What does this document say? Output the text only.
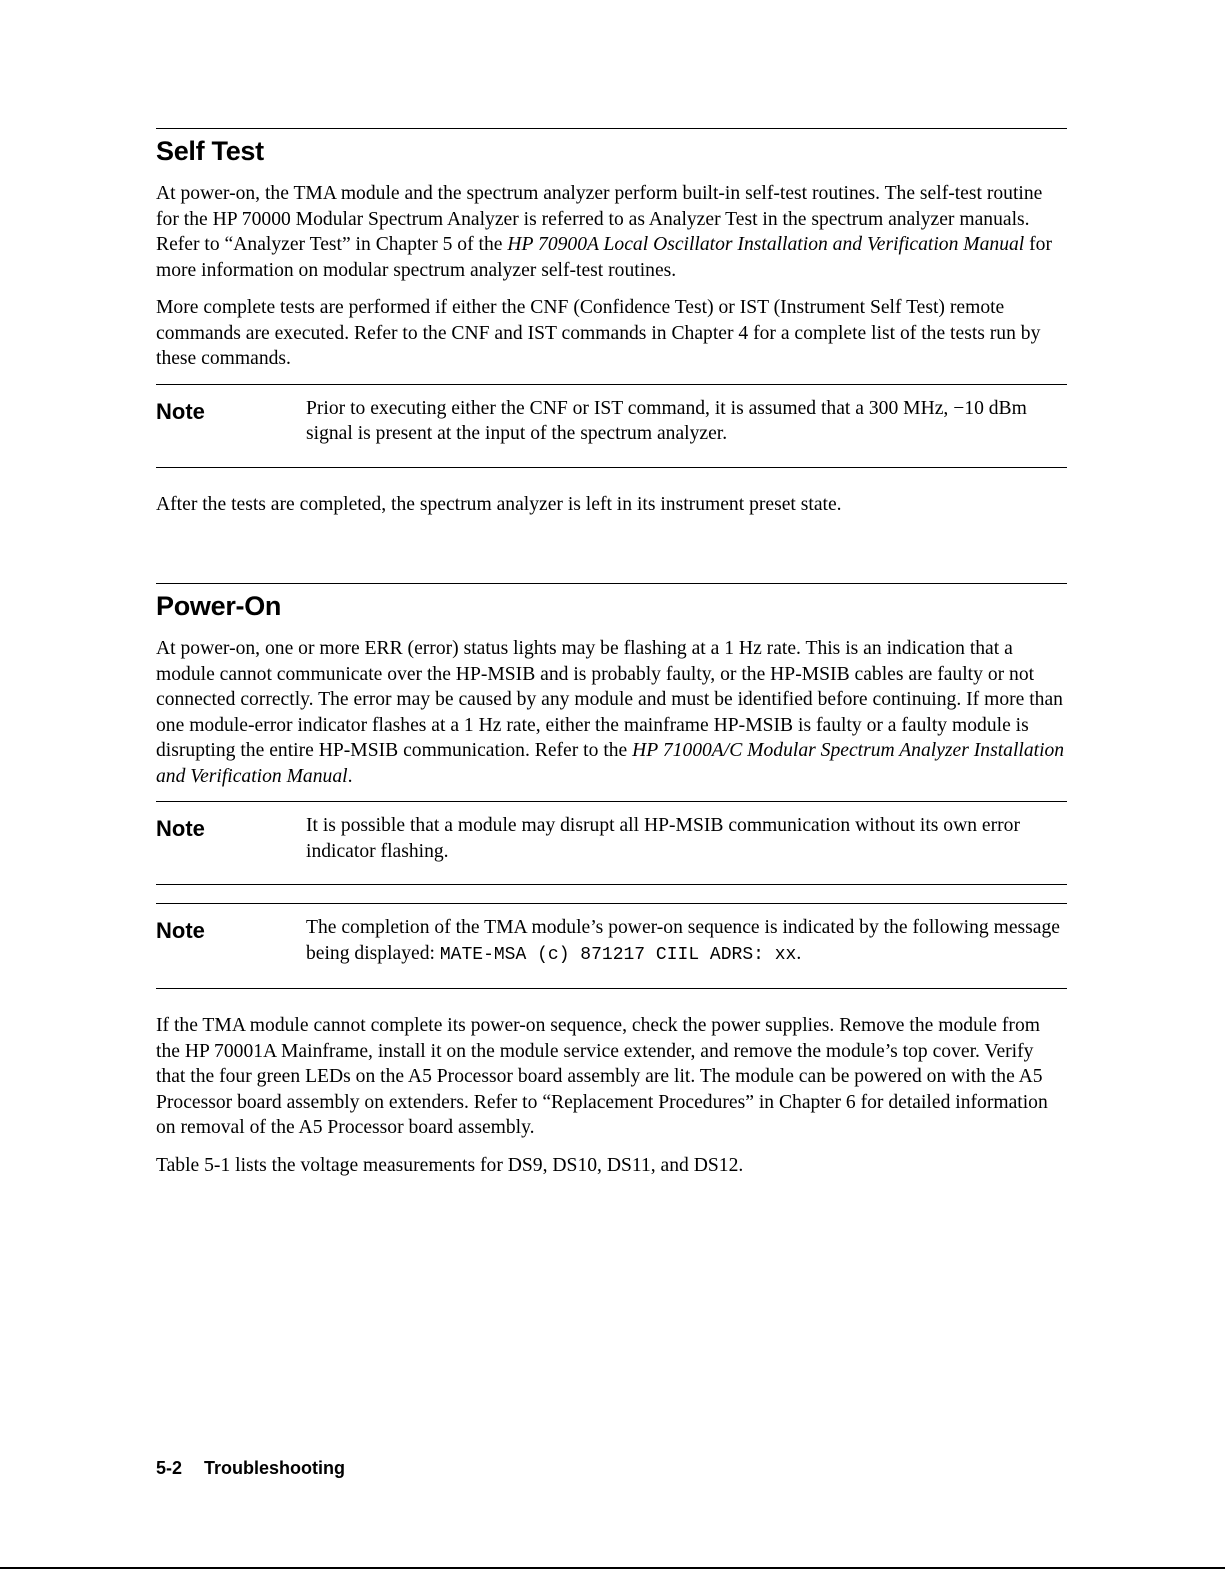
Self Test

At power-on, the TMA module and the spectrum analyzer perform built-in self-test routines. The self-test routine for the HP 70000 Modular Spectrum Analyzer is referred to as Analyzer Test in the spectrum analyzer manuals. Refer to “Analyzer Test” in Chapter 5 of the HP 70900A Local Oscillator Installation and Verification Manual for more information on modular spectrum analyzer self-test routines.

More complete tests are performed if either the CNF (Confidence Test) or IST (Instrument Self Test) remote commands are executed. Refer to the CNF and IST commands in Chapter 4 for a complete list of the tests run by these commands.

Note	Prior to executing either the CNF or IST command, it is assumed that a 300 MHz, −10 dBm signal is present at the input of the spectrum analyzer.

After the tests are completed, the spectrum analyzer is left in its instrument preset state.

Power-On

At power-on, one or more ERR (error) status lights may be flashing at a 1 Hz rate. This is an indication that a module cannot communicate over the HP-MSIB and is probably faulty, or the HP-MSIB cables are faulty or not connected correctly. The error may be caused by any module and must be identified before continuing. If more than one module-error indicator flashes at a 1 Hz rate, either the mainframe HP-MSIB is faulty or a faulty module is disrupting the entire HP-MSIB communication. Refer to the HP 71000A/C Modular Spectrum Analyzer Installation and Verification Manual.

Note	It is possible that a module may disrupt all HP-MSIB communication without its own error indicator flashing.
Note	The completion of the TMA module’s power-on sequence is indicated by the following message being displayed: MATE-MSA (c) 871217 CIIL ADRS: xx.

If the TMA module cannot complete its power-on sequence, check the power supplies. Remove the module from the HP 70001A Mainframe, install it on the module service extender, and remove the module’s top cover. Verify that the four green LEDs on the A5 Processor board assembly are lit. The module can be powered on with the A5 Processor board assembly on extenders. Refer to “Replacement Procedures” in Chapter 6 for detailed information on removal of the A5 Processor board assembly.

Table 5-1 lists the voltage measurements for DS9, DS10, DS11, and DS12.

5-2 Troubleshooting
